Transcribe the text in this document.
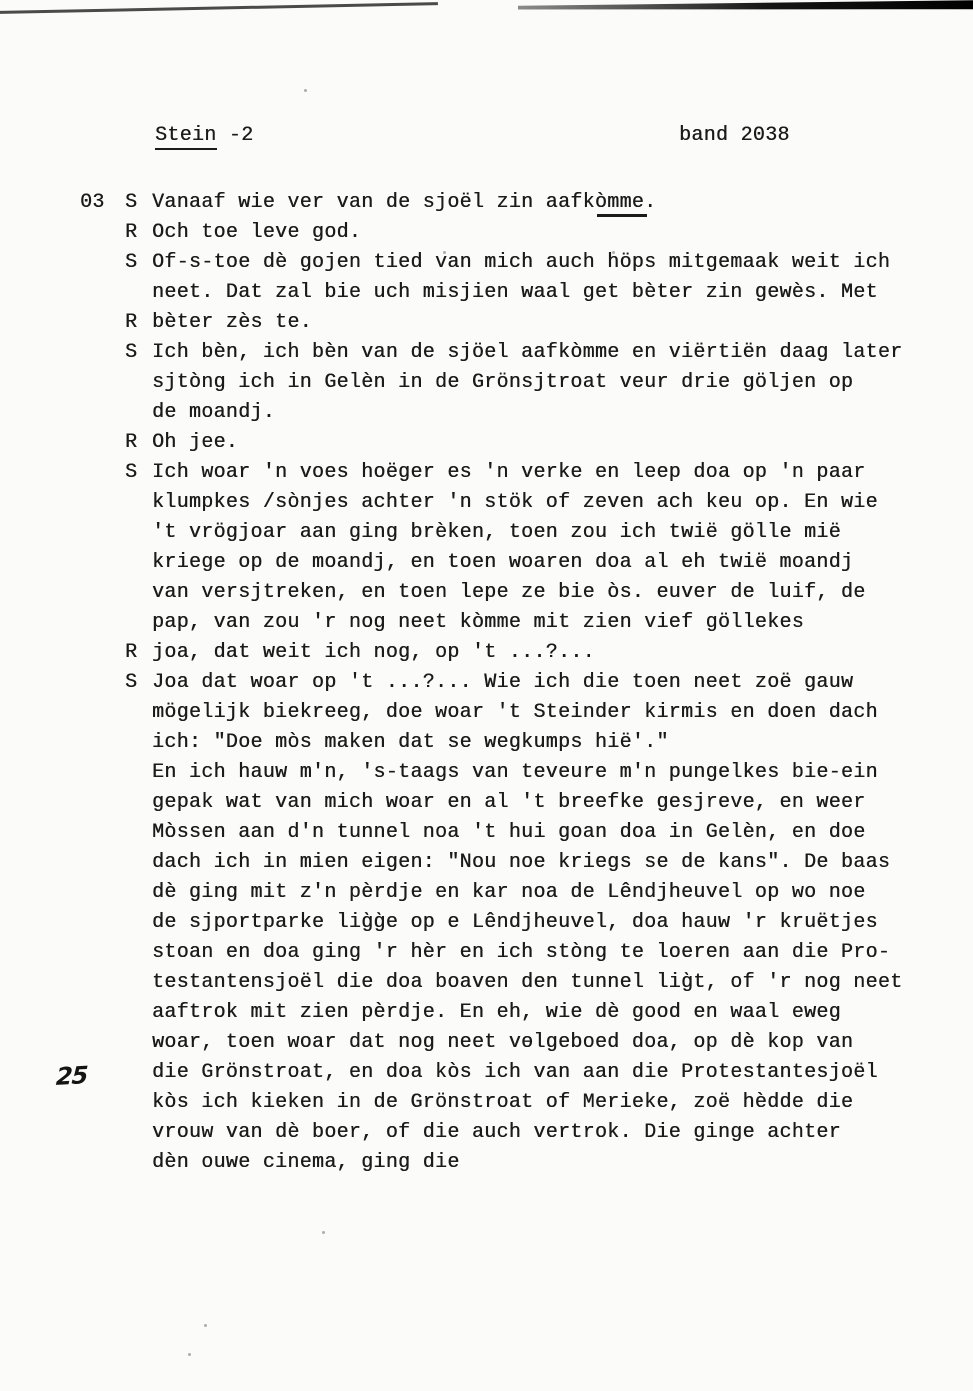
Stein -2

	band 2038

03	S Vanaaf wie ver van de sjoël zin aafkòmme.
R Och toe leve god.
S Of-s-toe dè gojen tied van mich auch höps mitgemaak weit ich
neet. Dat zal bie uch misjien waal get bèter zin gewès. Met
R bèter zès te.
S Ich bèn, ich bèn van de sjöel aafkòmme en viërtiën daag later
sjtòng ich in Gelèn in de Grönsjtroat veur drie göljen op
de moandj.
R Oh jee.
S Ich woar 'n voes hoëger es 'n verke en leep doa op 'n paar
klumpkes /sònjes achter 'n stök of zeven ach keu op. En wie
't vrögjoar aan ging brèken, toen zou ich twië gölle mië
kriege op de moandj, en toen woaren doa al eh twië moandj
van versjtreken, en toen lepe ze bie òs. euver de luif, de
pap, van zou 'r nog neet kòmme mit zien vief göllekes
R joa, dat weit ich nog, op 't ...?...
S Joa dat woar op 't ...?... Wie ich die toen neet zoë gauw
mögelijk biekreeg, doe woar 't Steinder kirmis en doen dach
ich: "Doe mòs maken dat se wegkumps hië'."
En ich hauw m'n, 's-taags van teveure m'n pungelkes bie-ein
gepak wat van mich woar en al 't breefke gesjreve, en weer
Mòssen aan d'n tunnel noa 't hui goan doa in Gelèn, en doe
dach ich in mien eigen: "Nou noe kriegs se de kans". De baas
dè ging mit z'n pèrdje en kar noa de Lêndjheuvel op wo noe
de sjportparke lig̀g̀e op e Lêndjheuvel, doa hauw 'r kruëtjes
stoan en doa ging 'r hèr en ich stòng te loeren aan die Pro-
testantensjoël die doa boaven den tunnel lig̀t, of 'r nog neet
aaftrok mit zien pèrdje. En eh, wie dè good en waal eweg
woar, toen woar dat nog neet vɵlgeboed doa, op dè kop van
die Grönstroat, en doa kòs ich van aan die Protestantesjoël
kòs ich kieken in de Grönstroat of Merieke, zoë hèdde die
vrouw van dè boer, of die auch vertrok. Die ginge achter
dèn ouwe cinema, ging die
25
